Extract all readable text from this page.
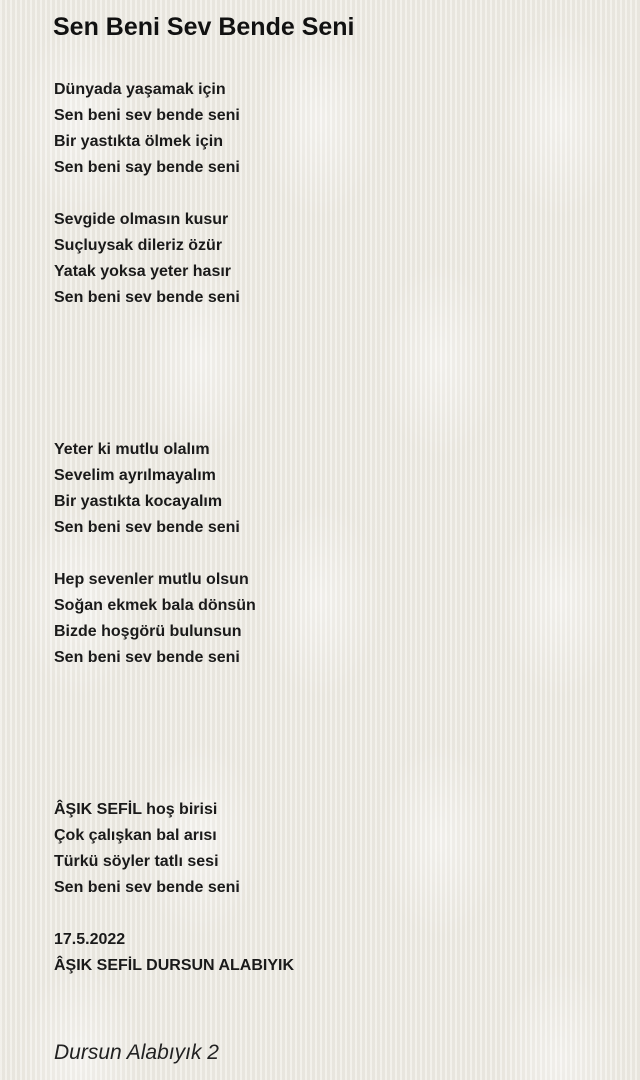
Sen Beni Sev Bende Seni
Dünyada yaşamak için
Sen beni sev bende seni
Bir yastıkta ölmek için
Sen beni say bende seni
Sevgide olmasın kusur
Suçluysak dileriz özür
Yatak yoksa yeter hasır
Sen beni sev bende seni
Yeter ki mutlu olalım
Sevelim ayrılmayalım
Bir yastıkta kocayalım
Sen beni sev bende seni
Hep sevenler mutlu olsun
Soğan ekmek bala dönsün
Bizde hoşgörü bulunsun
Sen beni sev bende seni
ÂŞIK SEFİL hoş birisi
Çok çalışkan bal arısı
Türkü söyler tatlı sesi
Sen beni sev bende seni
17.5.2022
ÂŞIK SEFİL DURSUN ALABIYIK

Dursun Alabıyık 2
